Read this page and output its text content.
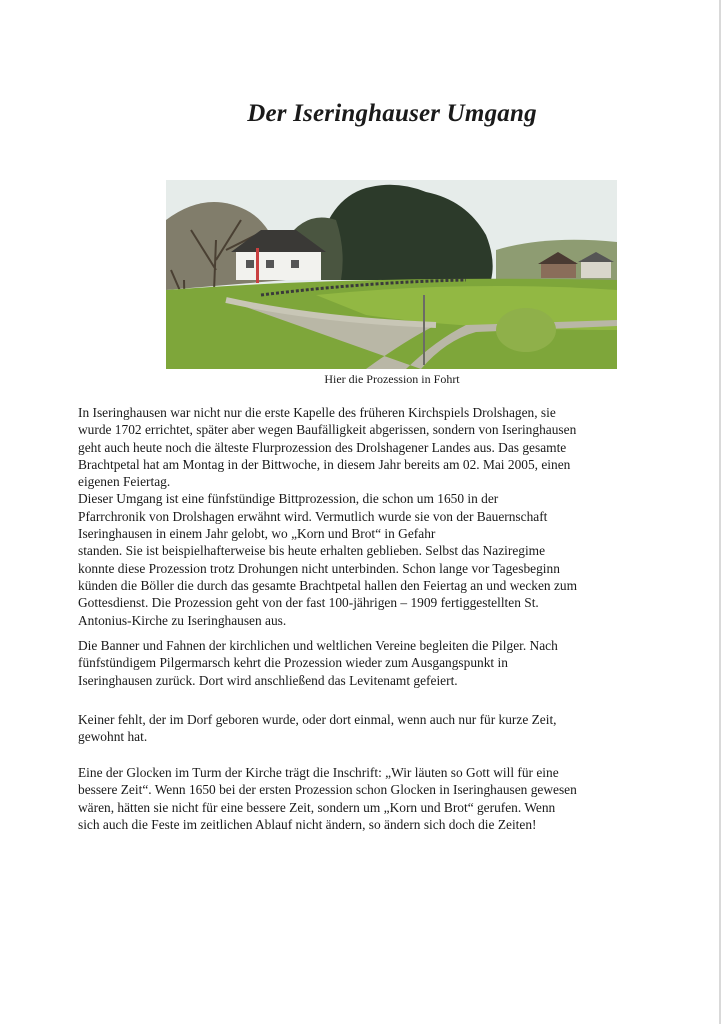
Der Iseringhauser Umgang

Hier die Prozession in Fohrt

In Iseringhausen war nicht nur die erste Kapelle des früheren Kirchspiels Drolshagen, sie
wurde 1702 errichtet, später aber wegen Baufälligkeit abgerissen, sondern von Iseringhausen
geht auch heute noch die älteste Flurprozession des Drolshagener Landes aus. Das gesamte
Brachtpetal hat am Montag in der Bittwoche, in diesem Jahr bereits am 02. Mai 2005, einen
eigenen Feiertag.
Dieser Umgang ist eine fünfstündige Bittprozession, die schon um 1650 in der
Pfarrchronik von Drolshagen erwähnt wird. Vermutlich wurde sie von der Bauernschaft
Iseringhausen in einem Jahr gelobt, wo „Korn und Brot“ in Gefahr
standen. Sie ist beispielhafterweise bis heute erhalten geblieben. Selbst das Naziregime
konnte diese Prozession trotz Drohungen nicht unterbinden. Schon lange vor Tagesbeginn
künden die Böller die durch das gesamte Brachtpetal hallen den Feiertag an und wecken zum
Gottesdienst. Die Prozession geht von der fast 100-jährigen – 1909 fertiggestellten St.
Antonius-Kirche zu Iseringhausen aus.

Die Banner und Fahnen der kirchlichen und weltlichen Vereine begleiten die Pilger. Nach
fünfstündigem Pilgermarsch kehrt die Prozession wieder zum Ausgangspunkt in
Iseringhausen zurück. Dort wird anschließend das Levitenamt gefeiert.

Keiner fehlt, der im Dorf geboren wurde, oder dort einmal, wenn auch nur für kurze Zeit,
gewohnt hat.

Eine der Glocken im Turm der Kirche trägt die Inschrift: „Wir läuten so Gott will für eine
bessere Zeit“. Wenn 1650 bei der ersten Prozession schon Glocken in Iseringhausen gewesen
wären, hätten sie nicht für eine bessere Zeit, sondern um „Korn und Brot“ gerufen. Wenn
sich auch die Feste im zeitlichen Ablauf nicht ändern, so ändern sich doch die Zeiten!
